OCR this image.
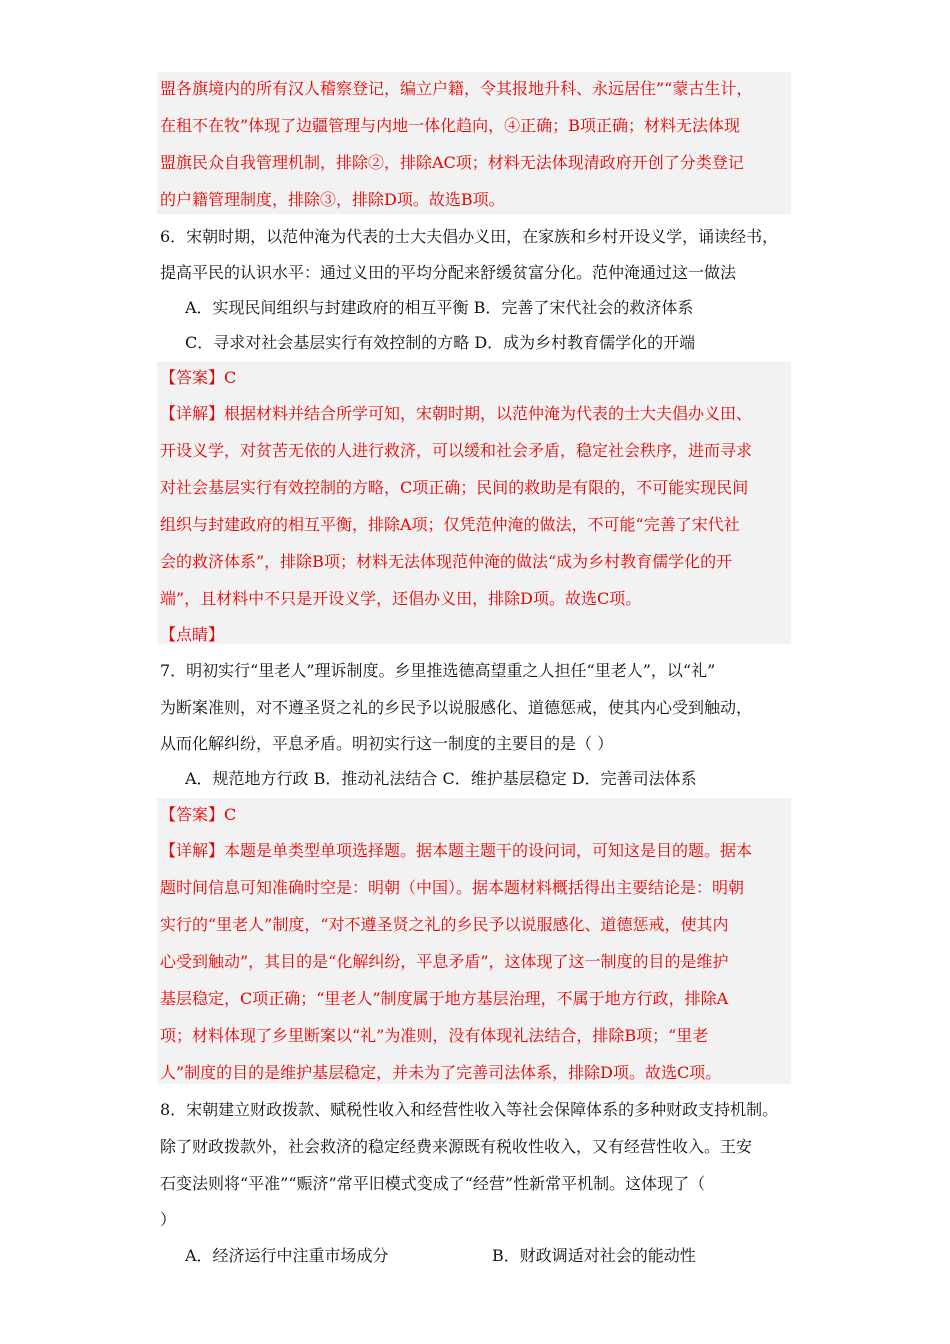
盟各旗境内的所有汉人稽察登记，编立户籍，令其报地升科、永远居住”“蒙古生计，
在租不在牧”体现了边疆管理与内地一体化趋向，④正确；B项正确；材料无法体现
盟旗民众自我管理机制，排除②，排除AC项；材料无法体现清政府开创了分类登记
的户籍管理制度，排除③，排除D项。故选B项。
6．宋朝时期，以范仲淹为代表的士大夫倡办义田，在家族和乡村开设义学，诵读经书，
提高平民的认识水平：通过义田的平均分配来舒缓贫富分化。范仲淹通过这一做法
A．实现民间组织与封建政府的相互平衡 B．完善了宋代社会的救济体系
C．寻求对社会基层实行有效控制的方略 D．成为乡村教育儒学化的开端
【答案】C
【详解】根据材料并结合所学可知，宋朝时期，以范仲淹为代表的士大夫倡办义田、
开设义学，对贫苦无依的人进行救济，可以缓和社会矛盾，稳定社会秩序，进而寻求
对社会基层实行有效控制的方略，C项正确；民间的救助是有限的，不可能实现民间
组织与封建政府的相互平衡，排除A项；仅凭范仲淹的做法，不可能“完善了宋代社
会的救济体系”，排除B项；材料无法体现范仲淹的做法“成为乡村教育儒学化的开
端”，且材料中不只是开设义学，还倡办义田，排除D项。故选C项。
【点睛】
7．明初实行“里老人”理诉制度。乡里推选德高望重之人担任“里老人”，以“礼”
为断案准则，对不遵圣贤之礼的乡民予以说服感化、道德惩戒，使其内心受到触动，
从而化解纠纷，平息矛盾。明初实行这一制度的主要目的是（ ）
A．规范地方行政 B．推动礼法结合 C．维护基层稳定 D．完善司法体系
【答案】C
【详解】本题是单类型单项选择题。据本题主题干的设问词，可知这是目的题。据本
题时间信息可知准确时空是：明朝（中国）。据本题材料概括得出主要结论是：明朝
实行的“里老人”制度，“对不遵圣贤之礼的乡民予以说服感化、道德惩戒，使其内
心受到触动”，其目的是“化解纠纷，平息矛盾”，这体现了这一制度的目的是维护
基层稳定，C项正确；“里老人”制度属于地方基层治理，不属于地方行政，排除A
项；材料体现了乡里断案以“礼”为准则，没有体现礼法结合，排除B项；“里老
人”制度的目的是维护基层稳定，并未为了完善司法体系，排除D项。故选C项。
8．宋朝建立财政拨款、赋税性收入和经营性收入等社会保障体系的多种财政支持机制。
除了财政拨款外，社会救济的稳定经费来源既有税收性收入，又有经营性收入。王安
石变法则将“平准”“赈济”常平旧模式变成了“经营”性新常平机制。这体现了（
）
A．经济运行中注重市场成分	B．财政调适对社会的能动性
